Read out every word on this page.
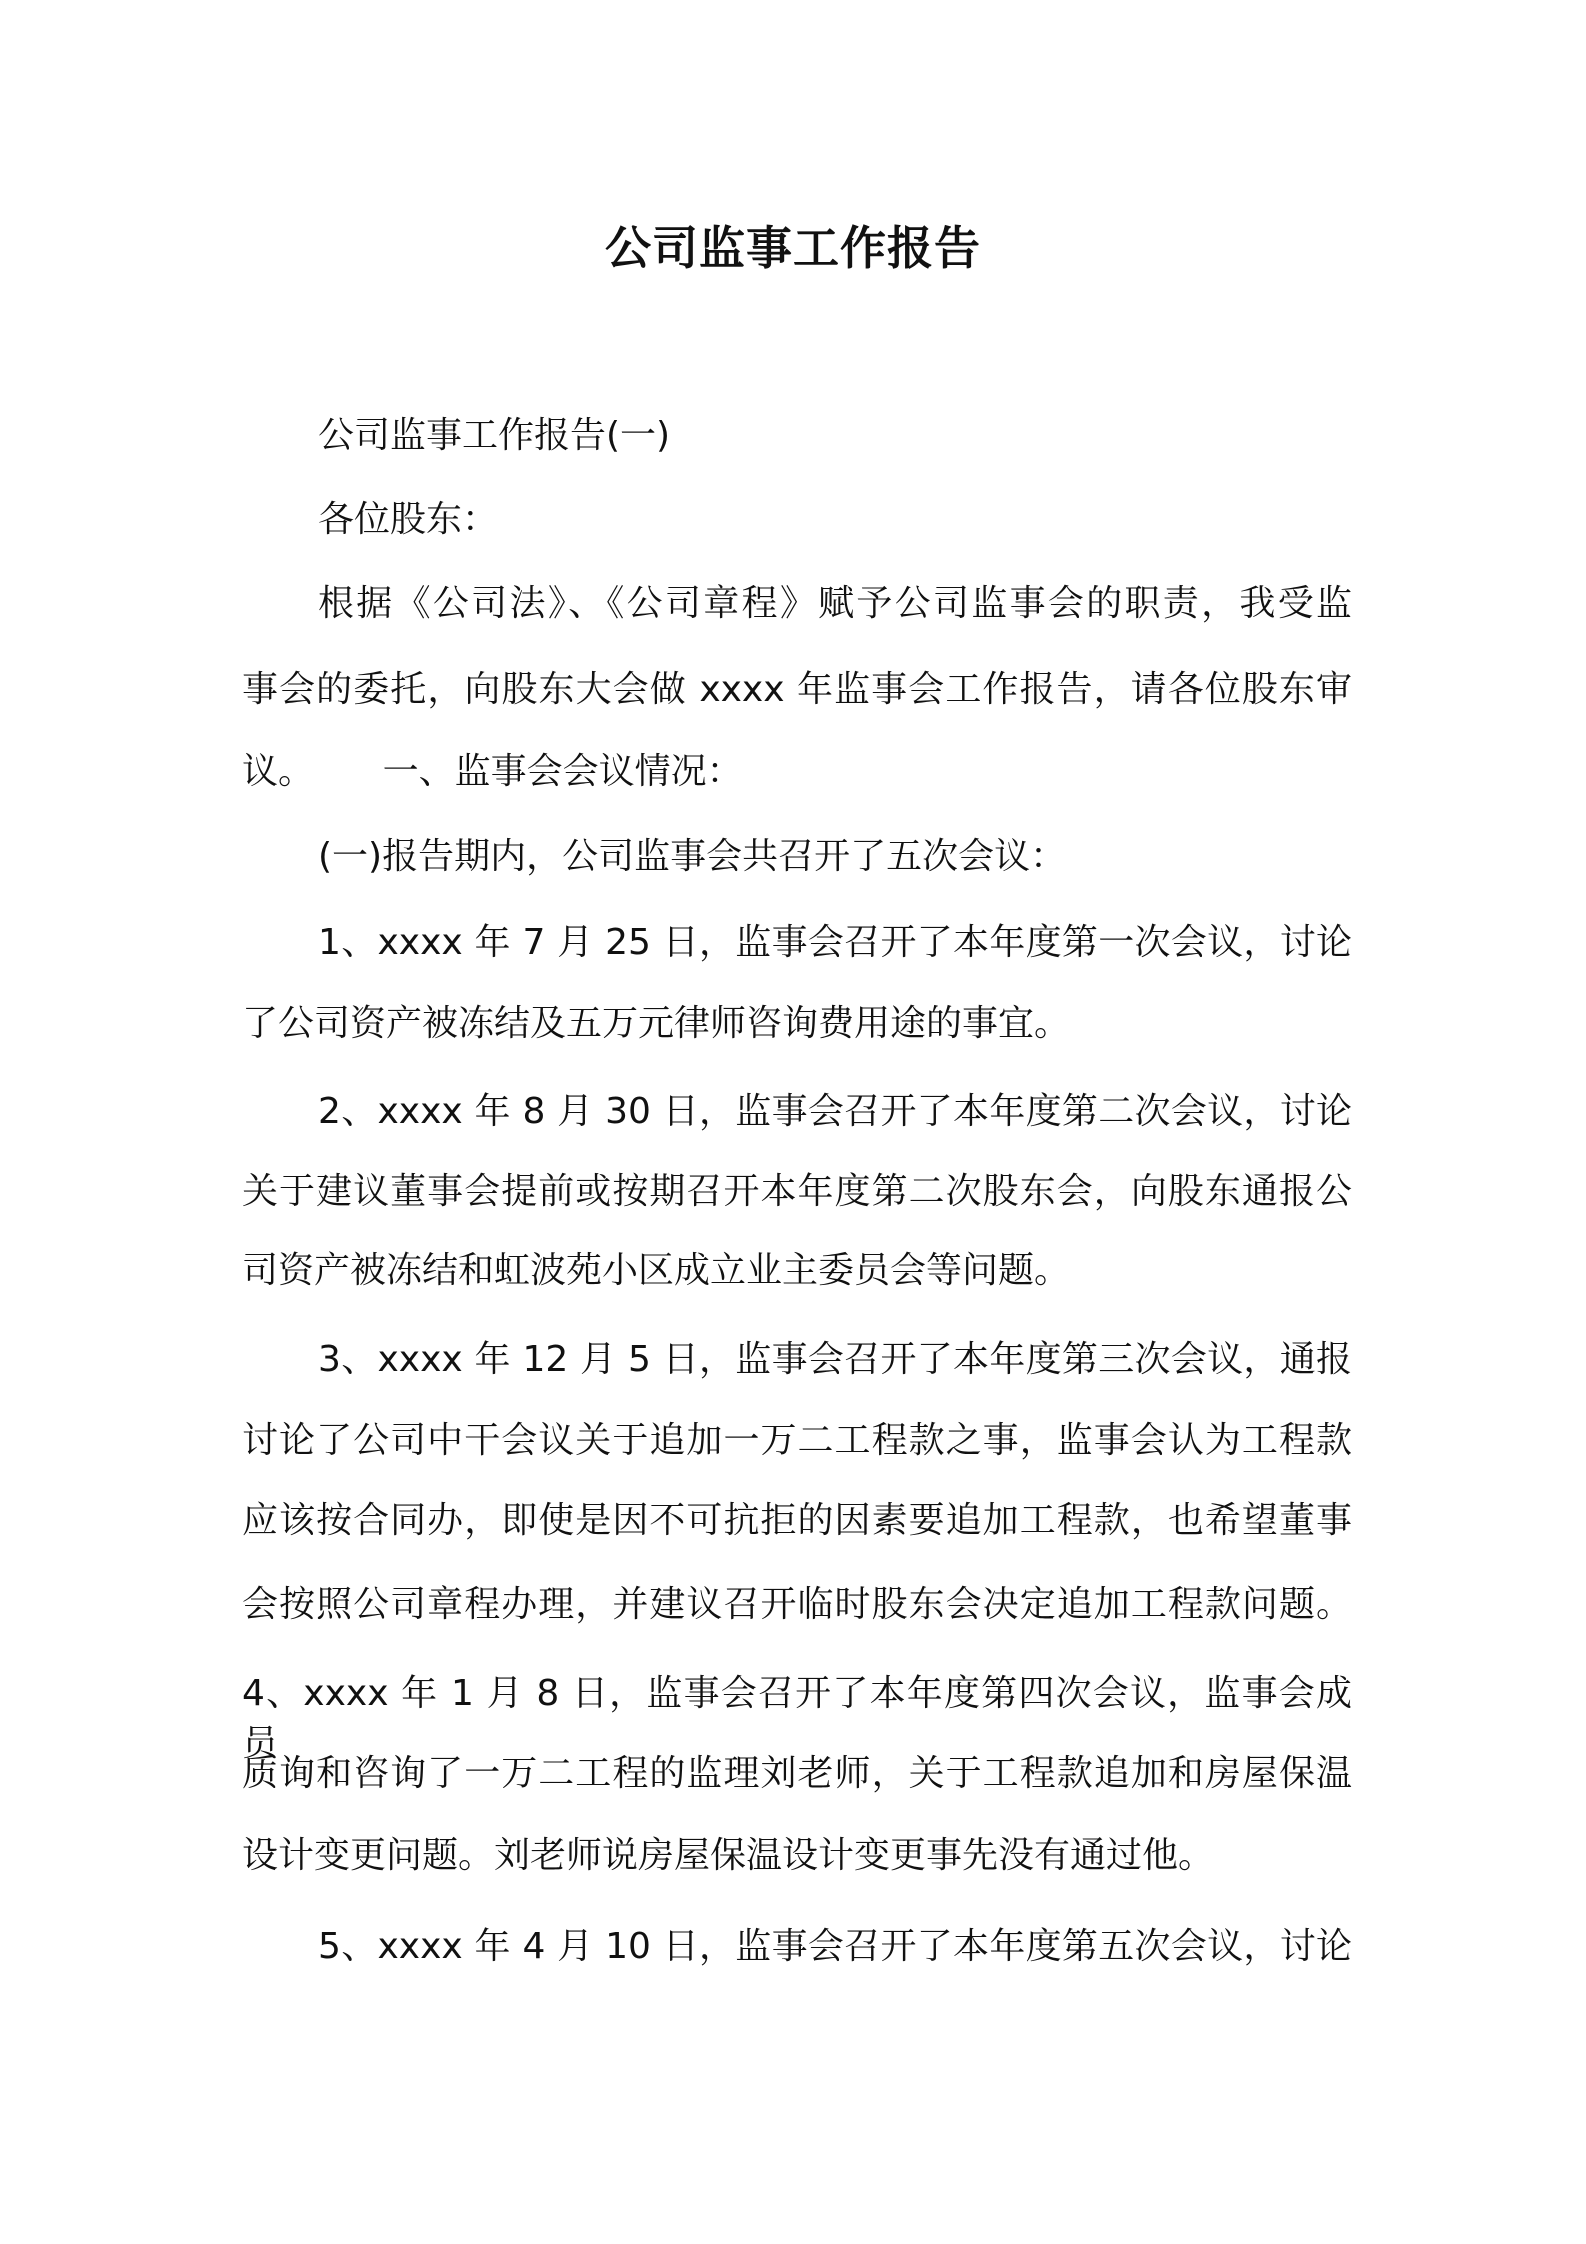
公司监事工作报告
公司监事工作报告(一)
各位股东：
根据《公司法》、《公司章程》赋予公司监事会的职责，我受监
事会的委托，向股东大会做 xxxx 年监事会工作报告，请各位股东审
议。      一、监事会会议情况：
(一)报告期内，公司监事会共召开了五次会议：
1、xxxx 年 7 月 25 日，监事会召开了本年度第一次会议，讨论
了公司资产被冻结及五万元律师咨询费用途的事宜。
2、xxxx 年 8 月 30 日，监事会召开了本年度第二次会议，讨论
关于建议董事会提前或按期召开本年度第二次股东会，向股东通报公
司资产被冻结和虹波苑小区成立业主委员会等问题。
3、xxxx 年 12 月 5 日，监事会召开了本年度第三次会议，通报
讨论了公司中干会议关于追加一万二工程款之事，监事会认为工程款
应该按合同办，即使是因不可抗拒的因素要追加工程款，也希望董事
会按照公司章程办理，并建议召开临时股东会决定追加工程款问题。
4、xxxx 年 1 月 8 日，监事会召开了本年度第四次会议，监事会成员
质询和咨询了一万二工程的监理刘老师，关于工程款追加和房屋保温
设计变更问题。刘老师说房屋保温设计变更事先没有通过他。
5、xxxx 年 4 月 10 日，监事会召开了本年度第五次会议，讨论
